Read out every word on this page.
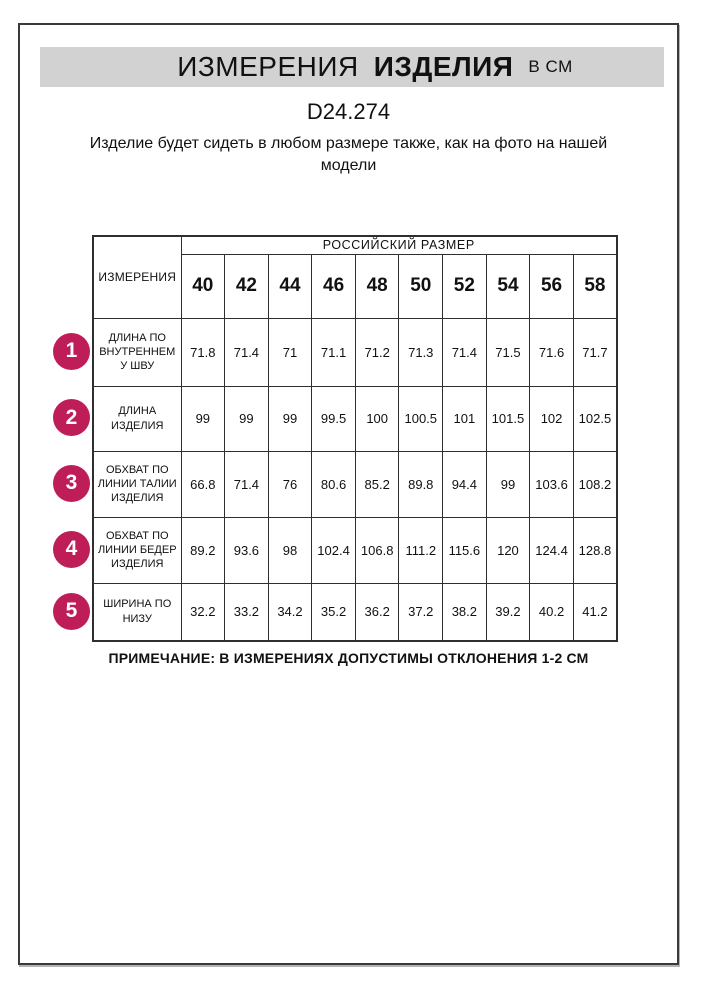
ИЗМЕРЕНИЯ ИЗДЕЛИЯ В СМ
D24.274
Изделие будет сидеть в любом размере также, как на фото на нашей модели
ИЗМЕРЕНИЯ	РОССИЙСКИЙ РАЗМЕР									
	40	42	44	46	48	50	52	54	56	58
ДЛИНА ПО ВНУТРЕННЕМУ ШВУ	71.8	71.4	71	71.1	71.2	71.3	71.4	71.5	71.6	71.7
ДЛИНА ИЗДЕЛИЯ	99	99	99	99.5	100	100.5	101	101.5	102	102.5
ОБХВАТ ПО ЛИНИИ ТАЛИИ ИЗДЕЛИЯ	66.8	71.4	76	80.6	85.2	89.8	94.4	99	103.6	108.2
ОБХВАТ ПО ЛИНИИ БЕДЕР ИЗДЕЛИЯ	89.2	93.6	98	102.4	106.8	111.2	115.6	120	124.4	128.8
ШИРИНА ПО НИЗУ	32.2	33.2	34.2	35.2	36.2	37.2	38.2	39.2	40.2	41.2
1
2
3
4
5
ПРИМЕЧАНИЕ: В ИЗМЕРЕНИЯХ ДОПУСТИМЫ ОТКЛОНЕНИЯ 1-2 СМ
